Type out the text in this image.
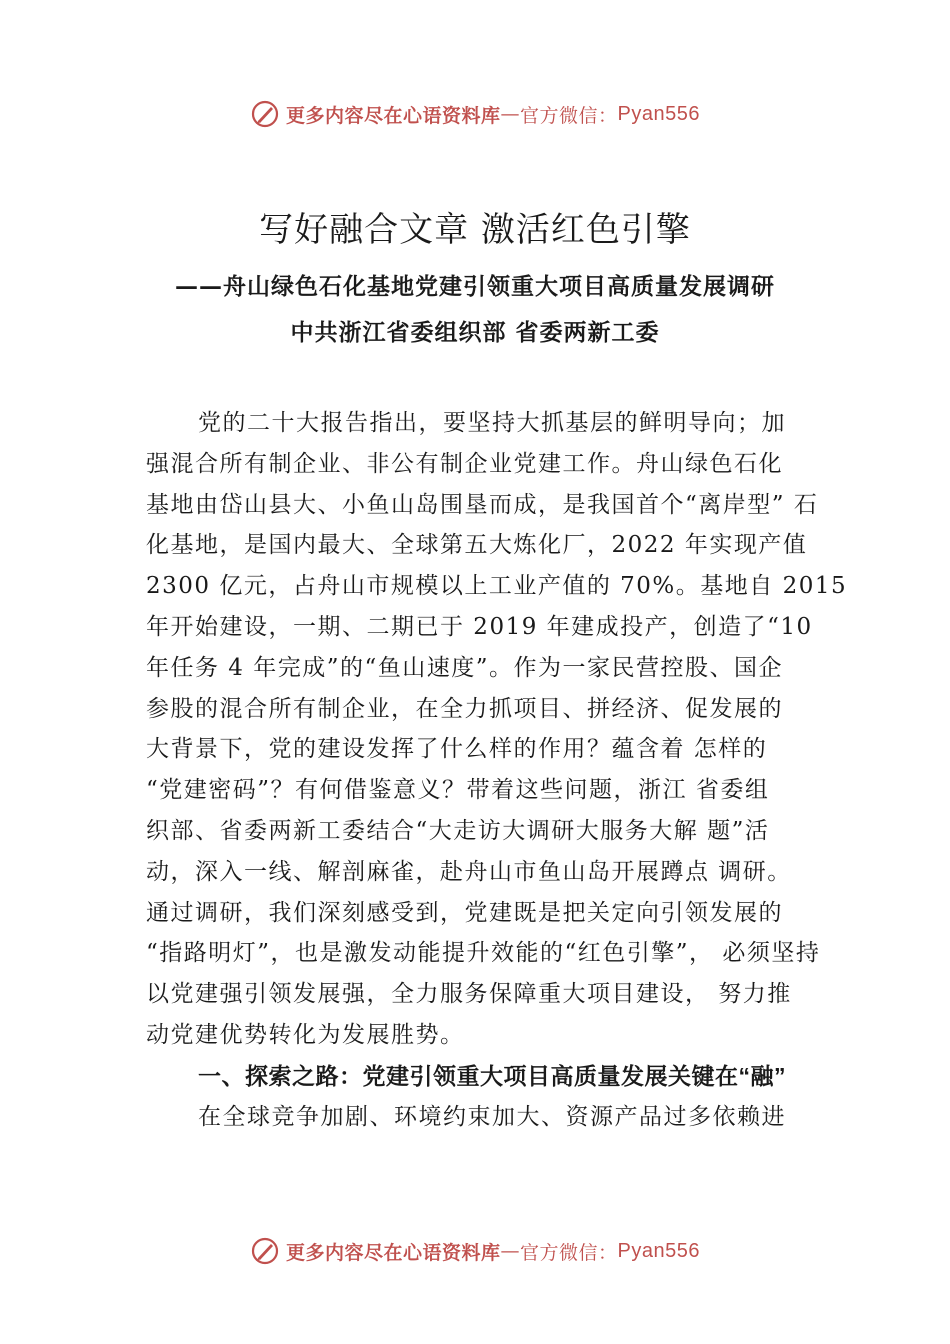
更多内容尽在心语资料库 — 官方微信： Pyan556
写好融合文章 激活红色引擎
——舟山绿色石化基地党建引领重大项目高质量发展调研
中共浙江省委组织部 省委两新工委
党的二十大报告指出，要坚持大抓基层的鲜明导向；加
强混合所有制企业、非公有制企业党建工作。舟山绿色石化
基地由岱山县大、小鱼山岛围垦而成，是我国首个“离岸型” 石
化基地，是国内最大、全球第五大炼化厂，2022 年实现产值
2300 亿元，占舟山市规模以上工业产值的 70%。基地自 2015
年开始建设，一期、二期已于 2019 年建成投产，创造了“10
年任务 4 年完成”的“鱼山速度”。作为一家民营控股、国企
参股的混合所有制企业，在全力抓项目、拼经济、促发展的
大背景下，党的建设发挥了什么样的作用？蕴含着 怎样的
“党建密码”？有何借鉴意义？带着这些问题，浙江 省委组
织部、省委两新工委结合“大走访大调研大服务大解 题”活
动，深入一线、解剖麻雀，赴舟山市鱼山岛开展蹲点 调研。
通过调研，我们深刻感受到，党建既是把关定向引领发展的
“指路明灯”，也是激发动能提升效能的“红色引擎”， 必须坚持
以党建强引领发展强，全力服务保障重大项目建设， 努力推
动党建优势转化为发展胜势。
一、探索之路：党建引领重大项目高质量发展关键在“融”
在全球竞争加剧、环境约束加大、资源产品过多依赖进
更多内容尽在心语资料库 — 官方微信： Pyan556
